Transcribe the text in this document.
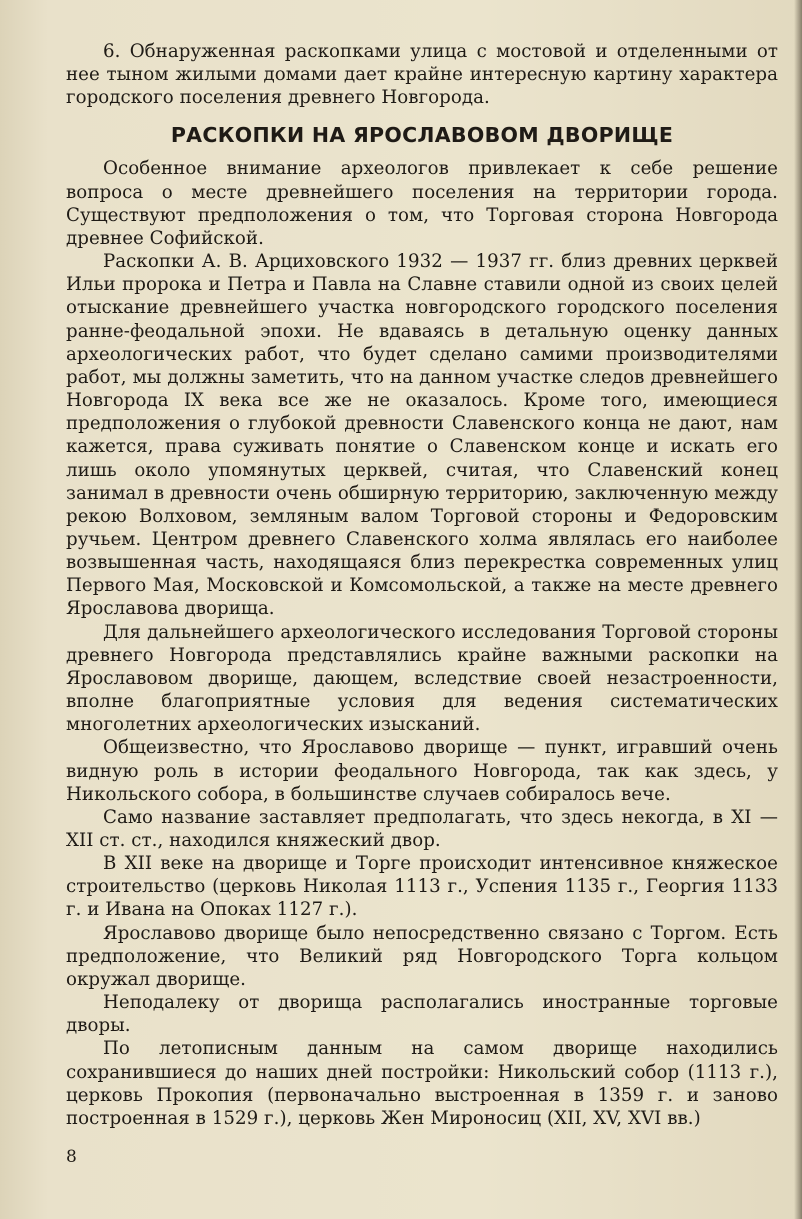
6. Обнаруженная раскопками улица с мостовой и отделенными от нее тыном жилыми домами дает крайне интересную картину характера городского поселения древнего Новгорода.

РАСКОПКИ НА ЯРОСЛАВОВОМ ДВОРИЩЕ

Особенное внимание археологов привлекает к себе решение вопроса о месте древнейшего поселения на территории города. Существуют предположения о том, что Торговая сторона Новгорода древнее Софийской.

Раскопки А. В. Арциховского 1932 — 1937 гг. близ древних церквей Ильи пророка и Петра и Павла на Славне ставили одной из своих целей отыскание древнейшего участка новгородского городского поселения ранне-феодальной эпохи. Не вдаваясь в детальную оценку данных археологических работ, что будет сделано самими производителями работ, мы должны заметить, что на данном участке следов древнейшего Новгорода IX века все же не оказалось. Кроме того, имеющиеся предположения о глубокой древности Славенского конца не дают, нам кажется, права суживать понятие о Славенском конце и искать его лишь около упомянутых церквей, считая, что Славенский конец занимал в древности очень обширную территорию, заключенную между рекою Волховом, земляным валом Торговой стороны и Федоровским ручьем. Центром древнего Славенского холма являлась его наиболее возвышенная часть, находящаяся близ перекрестка современных улиц Первого Мая, Московской и Комсомольской, а также на месте древнего Ярославова дворища.

Для дальнейшего археологического исследования Торговой стороны древнего Новгорода представлялись крайне важными раскопки на Ярославовом дворище, дающем, вследствие своей незастроенности, вполне благоприятные условия для ведения систематических многолетних археологических изысканий.

Общеизвестно, что Ярославово дворище — пункт, игравший очень видную роль в истории феодального Новгорода, так как здесь, у Никольского собора, в большинстве случаев собиралось вече.

Само название заставляет предполагать, что здесь некогда, в XI — XII ст. ст., находился княжеский двор.

В XII веке на дворище и Торге происходит интенсивное княжеское строительство (церковь Николая 1113 г., Успения 1135 г., Георгия 1133 г. и Ивана на Опоках 1127 г.).

Ярославово дворище было непосредственно связано с Торгом. Есть предположение, что Великий ряд Новгородского Торга кольцом окружал дворище.

Неподалеку от дворища располагались иностранные торговые дворы.

По летописным данным на самом дворище находились сохранившиеся до наших дней постройки: Никольский собор (1113 г.), церковь Прокопия (первоначально выстроенная в 1359 г. и заново построенная в 1529 г.), церковь Жен Мироносиц (XII, XV, XVI вв.)

8
